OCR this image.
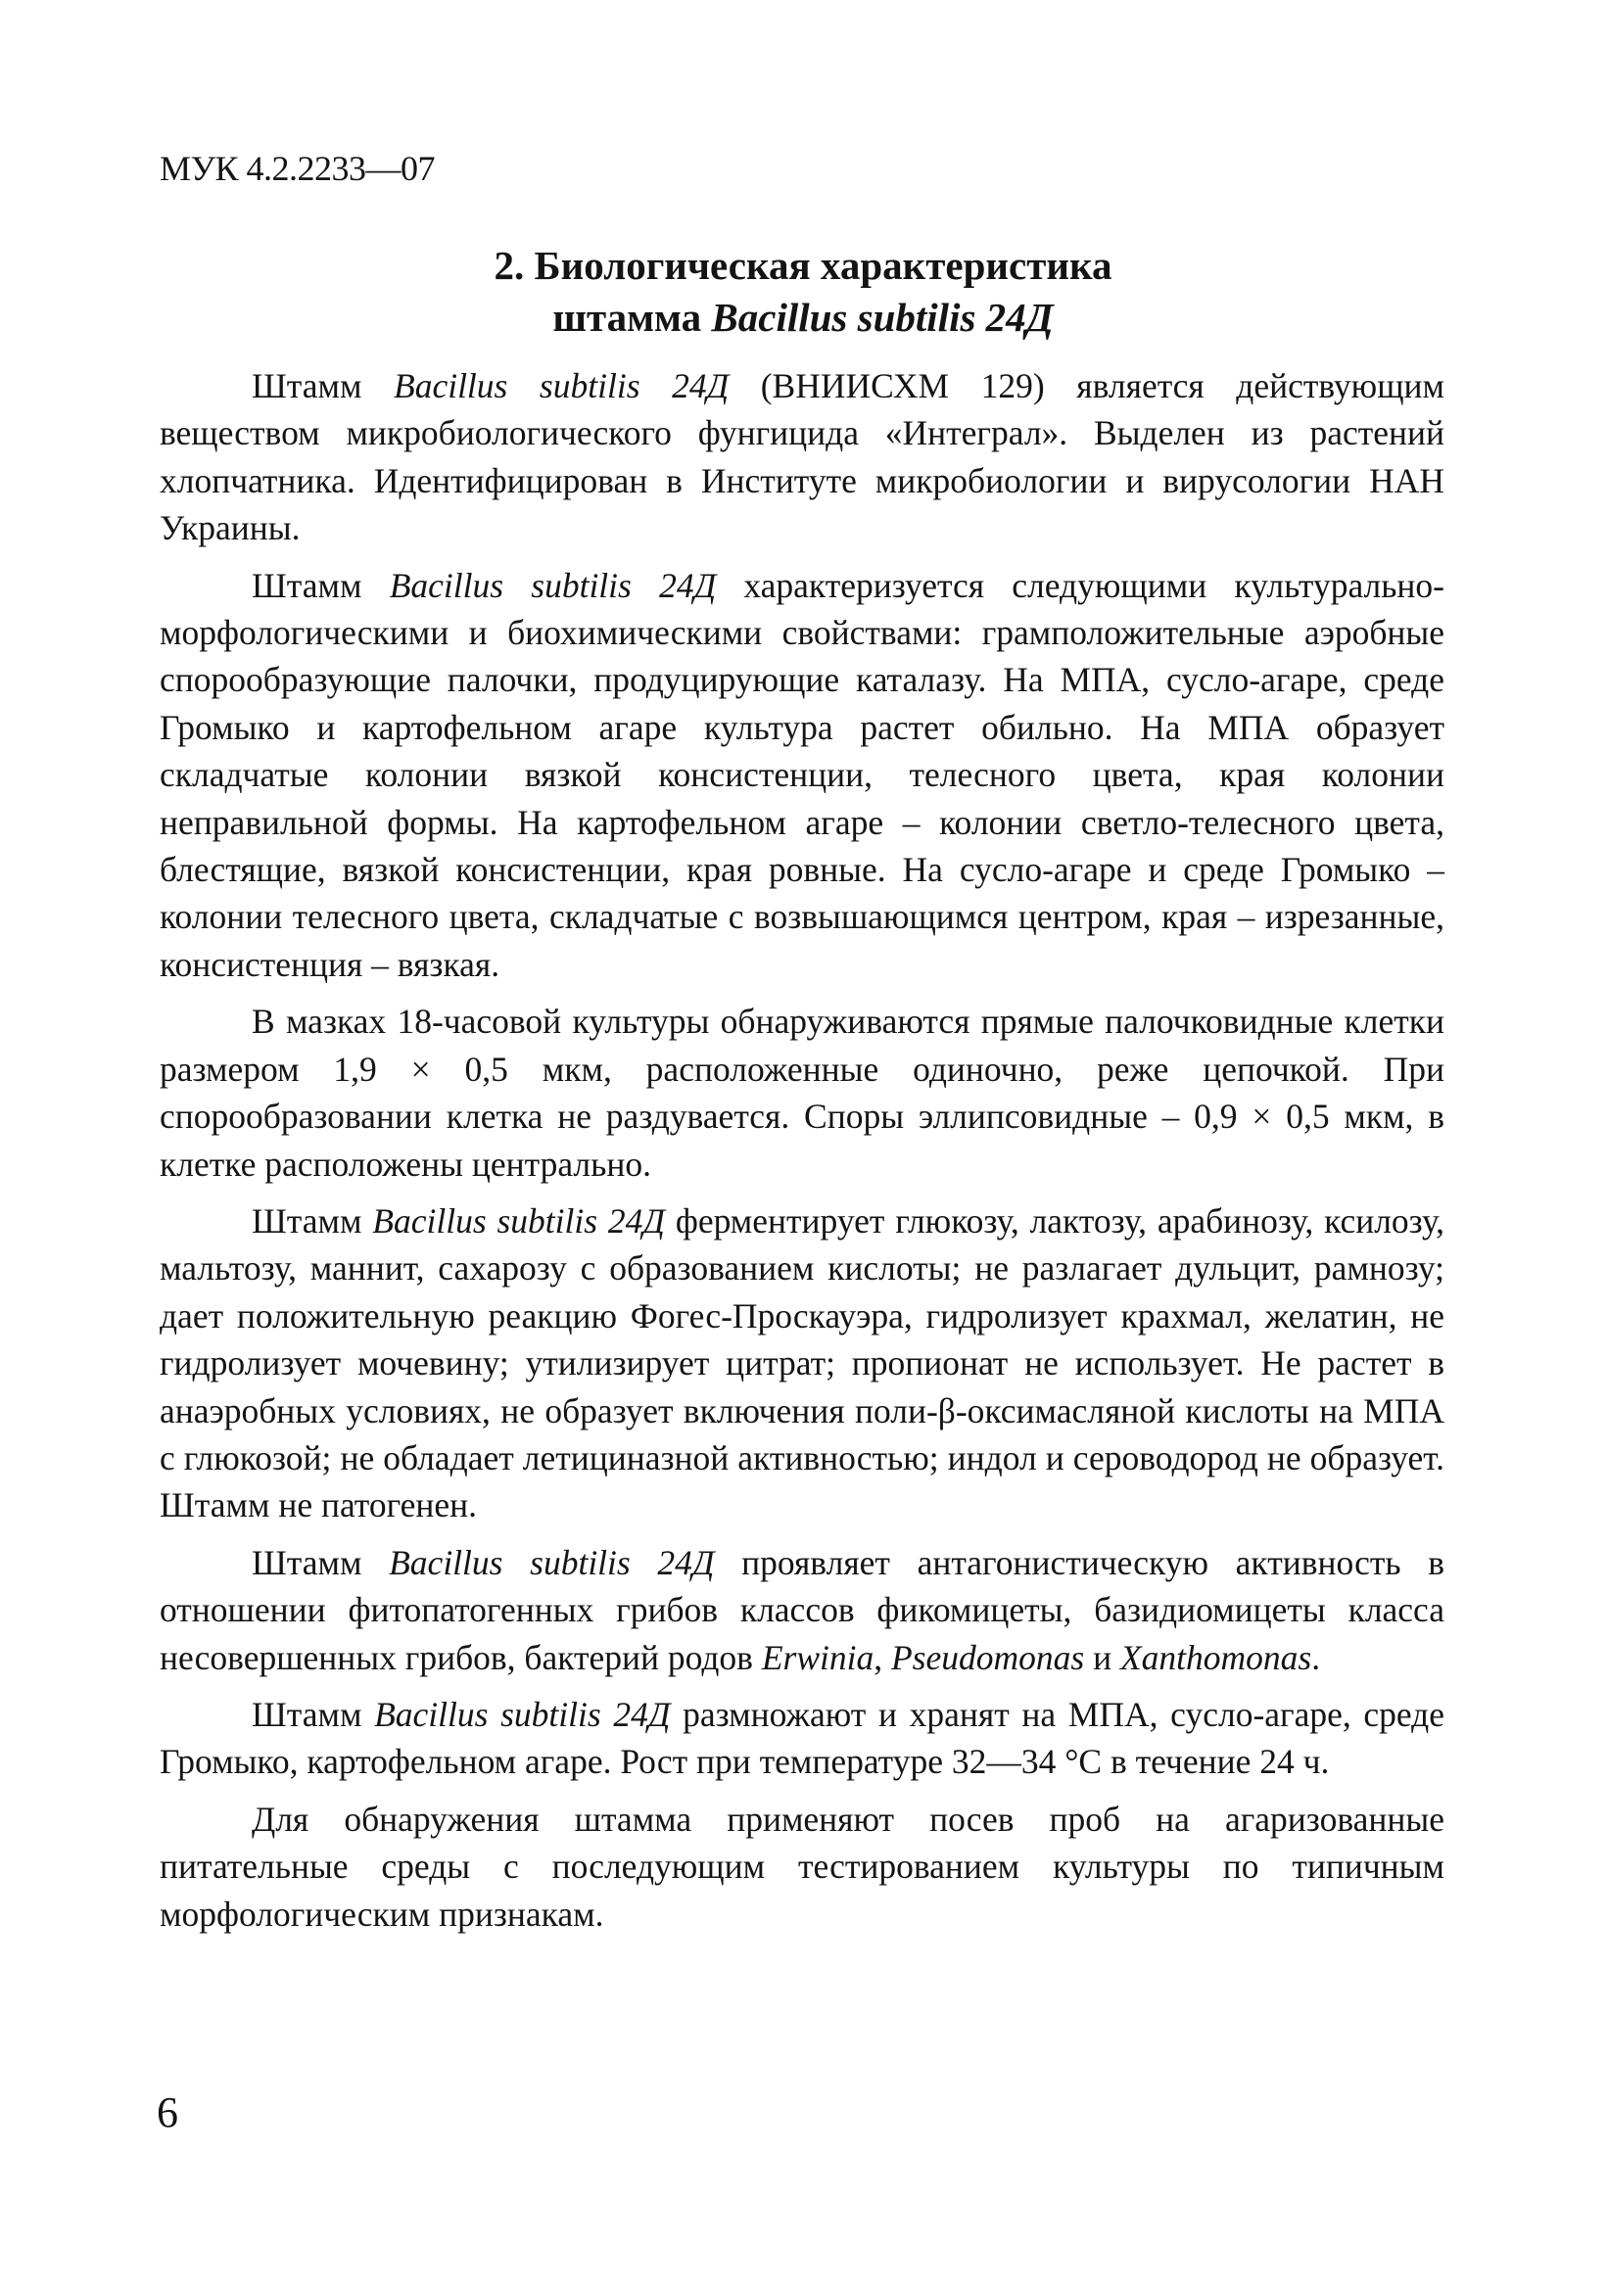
МУК 4.2.2233—07
2. Биологическая характеристика
штамма Bacillus subtilis 24Д

Штамм Bacillus subtilis 24Д (ВНИИСХМ 129) является действующим веществом микробиологического фунгицида «Интеграл». Выделен из растений хлопчатника. Идентифицирован в Институте микробиологии и вирусологии НАН Украины.

Штамм Bacillus subtilis 24Д характеризуется следующими культурально-морфологическими и биохимическими свойствами: грамположительные аэробные спорообразующие палочки, продуцирующие каталазу. На МПА, сусло-агаре, среде Громыко и картофельном агаре культура растет обильно. На МПА образует складчатые колонии вязкой консистенции, телесного цвета, края колонии неправильной формы. На картофельном агаре – колонии светло-телесного цвета, блестящие, вязкой консистенции, края ровные. На сусло-агаре и среде Громыко – колонии телесного цвета, складчатые с возвышающимся центром, края – изрезанные, консистенция – вязкая.

В мазках 18-часовой культуры обнаруживаются прямые палочковидные клетки размером 1,9 × 0,5 мкм, расположенные одиночно, реже цепочкой. При спорообразовании клетка не раздувается. Споры эллипсовидные – 0,9 × 0,5 мкм, в клетке расположены центрально.

Штамм Bacillus subtilis 24Д ферментирует глюкозу, лактозу, арабинозу, ксилозу, мальтозу, маннит, сахарозу с образованием кислоты; не разлагает дульцит, рамнозу; дает положительную реакцию Фогес-Проскауэра, гидролизует крахмал, желатин, не гидролизует мочевину; утилизирует цитрат; пропионат не использует. Не растет в анаэробных условиях, не образует включения поли-β-оксимасляной кислоты на МПА с глюкозой; не обладает летициназной активностью; индол и сероводород не образует. Штамм не патогенен.

Штамм Bacillus subtilis 24Д проявляет антагонистическую активность в отношении фитопатогенных грибов классов фикомицеты, базидиомицеты класса несовершенных грибов, бактерий родов Erwinia, Pseudomonas и Xanthomonas.

Штамм Bacillus subtilis 24Д размножают и хранят на МПА, сусло-агаре, среде Громыко, картофельном агаре. Рост при температуре 32—34 °С в течение 24 ч.

Для обнаружения штамма применяют посев проб на агаризованные питательные среды с последующим тестированием культуры по типичным морфологическим признакам.

6
